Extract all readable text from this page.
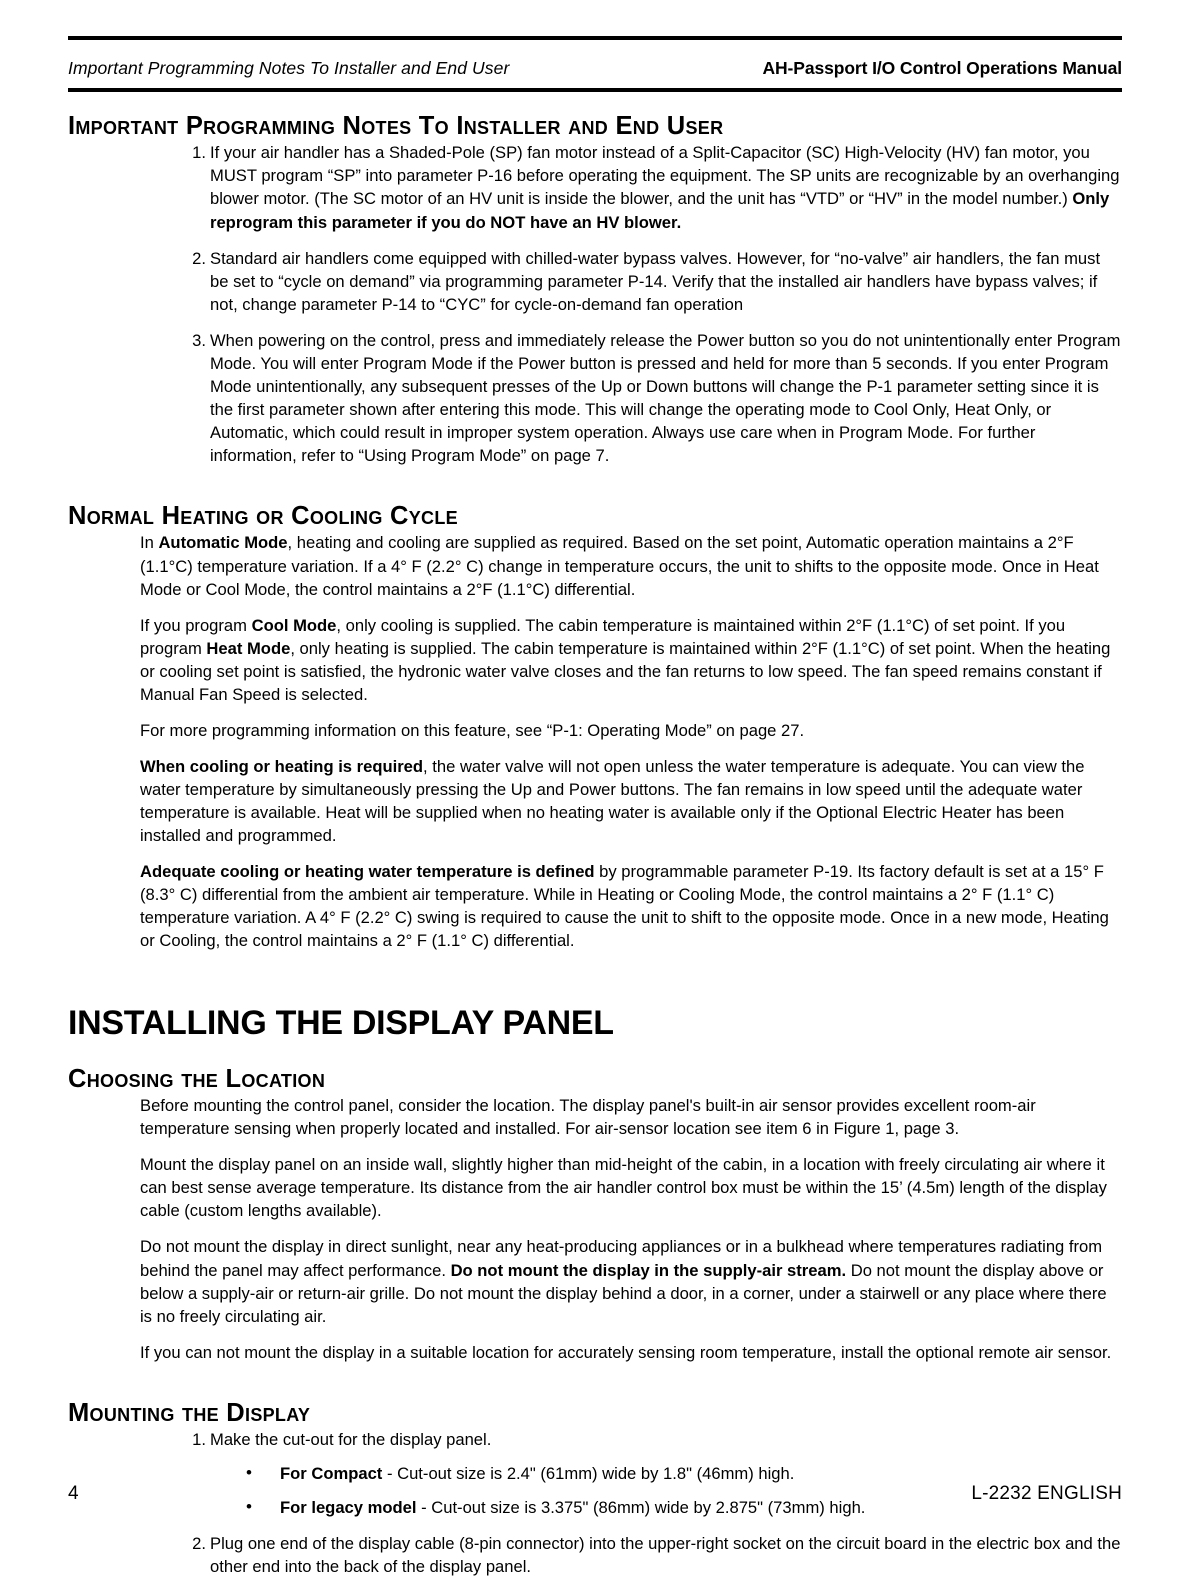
Important Programming Notes To Installer and End User	AH-Passport I/O Control Operations Manual
Important Programming Notes To Installer and End User
1. If your air handler has a Shaded-Pole (SP) fan motor instead of a Split-Capacitor (SC) High-Velocity (HV) fan motor, you MUST program “SP” into parameter P-16 before operating the equipment. The SP units are recognizable by an overhanging blower motor. (The SC motor of an HV unit is inside the blower, and the unit has “VTD” or “HV” in the model number.) Only reprogram this parameter if you do NOT have an HV blower.
2. Standard air handlers come equipped with chilled-water bypass valves. However, for “no-valve” air handlers, the fan must be set to “cycle on demand” via programming parameter P-14. Verify that the installed air handlers have bypass valves; if not, change parameter P-14 to “CYC” for cycle-on-demand fan operation
3. When powering on the control, press and immediately release the Power button so you do not unintentionally enter Program Mode. You will enter Program Mode if the Power button is pressed and held for more than 5 seconds. If you enter Program Mode unintentionally, any subsequent presses of the Up or Down buttons will change the P-1 parameter setting since it is the first parameter shown after entering this mode. This will change the operating mode to Cool Only, Heat Only, or Automatic, which could result in improper system operation. Always use care when in Program Mode. For further information, refer to “Using Program Mode” on page 7.
Normal Heating or Cooling Cycle

In Automatic Mode, heating and cooling are supplied as required. Based on the set point, Automatic operation maintains a 2°F (1.1°C) temperature variation. If a 4° F (2.2° C) change in temperature occurs, the unit to shifts to the opposite mode. Once in Heat Mode or Cool Mode, the control maintains a 2°F (1.1°C) differential.

If you program Cool Mode, only cooling is supplied. The cabin temperature is maintained within 2°F (1.1°C) of set point. If you program Heat Mode, only heating is supplied. The cabin temperature is maintained within 2°F (1.1°C) of set point. When the heating or cooling set point is satisfied, the hydronic water valve closes and the fan returns to low speed. The fan speed remains constant if Manual Fan Speed is selected.

For more programming information on this feature, see “P-1: Operating Mode” on page 27.

When cooling or heating is required, the water valve will not open unless the water temperature is adequate. You can view the water temperature by simultaneously pressing the Up and Power buttons. The fan remains in low speed until the adequate water temperature is available. Heat will be supplied when no heating water is available only if the Optional Electric Heater has been installed and programmed.

Adequate cooling or heating water temperature is defined by programmable parameter P-19. Its factory default is set at a 15° F (8.3° C) differential from the ambient air temperature. While in Heating or Cooling Mode, the control maintains a 2° F (1.1° C) temperature variation. A 4° F (2.2° C) swing is required to cause the unit to shift to the opposite mode. Once in a new mode, Heating or Cooling, the control maintains a 2° F (1.1° C) differential.

INSTALLING THE DISPLAY PANEL
Choosing the Location

Before mounting the control panel, consider the location. The display panel's built-in air sensor provides excellent room-air temperature sensing when properly located and installed. For air-sensor location see item 6 in Figure 1, page 3.

Mount the display panel on an inside wall, slightly higher than mid-height of the cabin, in a location with freely circulating air where it can best sense average temperature. Its distance from the air handler control box must be within the 15’ (4.5m) length of the display cable (custom lengths available).

Do not mount the display in direct sunlight, near any heat-producing appliances or in a bulkhead where temperatures radiating from behind the panel may affect performance. Do not mount the display in the supply-air stream. Do not mount the display above or below a supply-air or return-air grille. Do not mount the display behind a door, in a corner, under a stairwell or any place where there is no freely circulating air.

If you can not mount the display in a suitable location for accurately sensing room temperature, install the optional remote air sensor.

Mounting the Display
1. Make the cut-out for the display panel.
• For Compact - Cut-out size is 2.4" (61mm) wide by 1.8" (46mm) high.
• For legacy model - Cut-out size is 3.375" (86mm) wide by 2.875" (73mm) high.
2. Plug one end of the display cable (8-pin connector) into the upper-right socket on the circuit board in the electric box and the other end into the back of the display panel.
4	L-2232 ENGLISH
